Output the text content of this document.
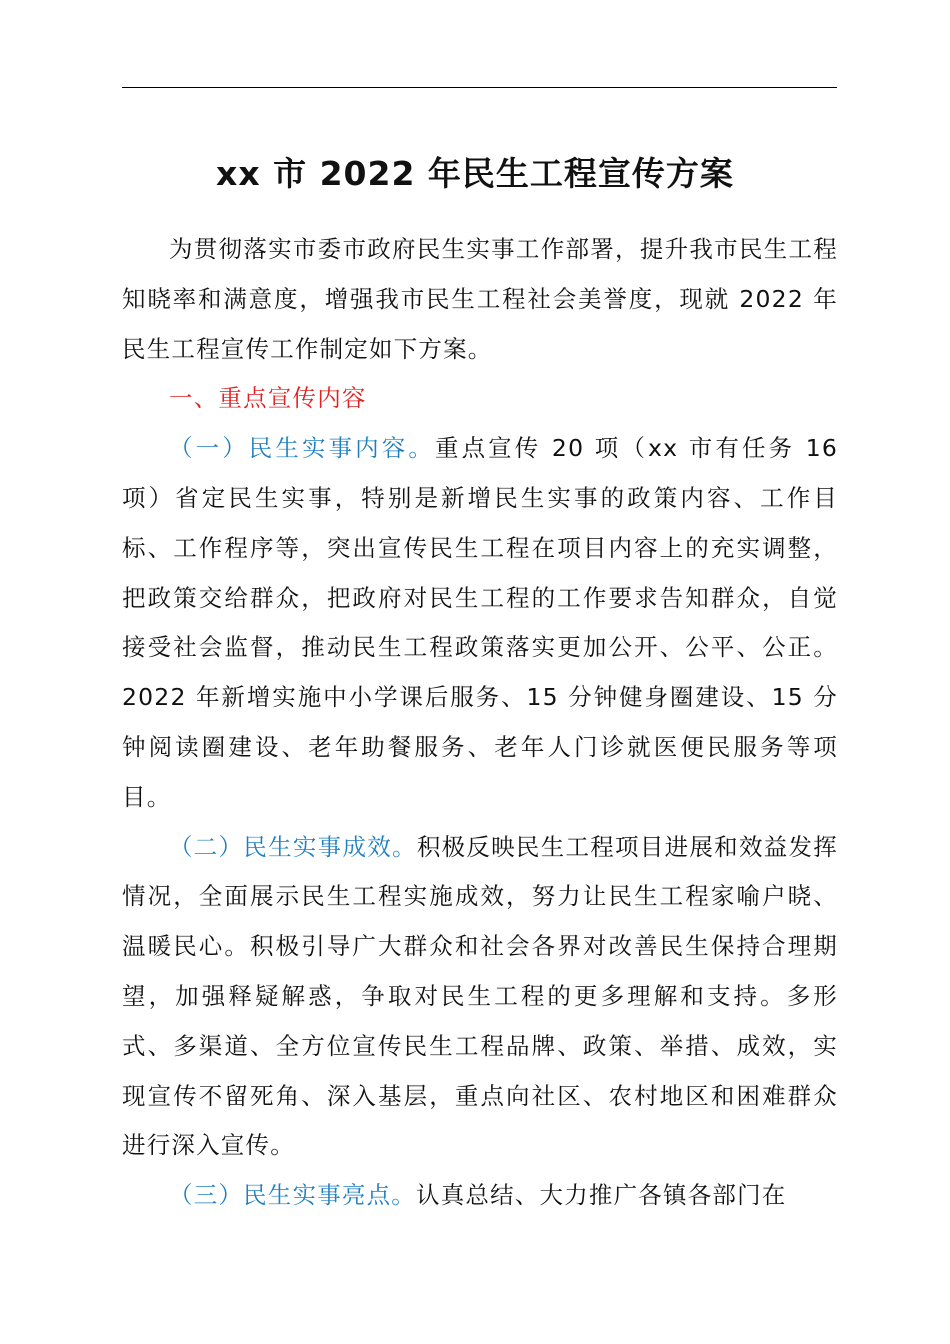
xx 市 2022 年民生工程宣传方案

为贯彻落实市委市政府民生实事工作部署，提升我市民生工程知晓率和满意度，增强我市民生工程社会美誉度，现就 2022 年民生工程宣传工作制定如下方案。

一、重点宣传内容

（一）民生实事内容。重点宣传 20 项（xx 市有任务 16 项）省定民生实事，特别是新增民生实事的政策内容、工作目标、工作程序等，突出宣传民生工程在项目内容上的充实调整，把政策交给群众，把政府对民生工程的工作要求告知群众，自觉接受社会监督，推动民生工程政策落实更加公开、公平、公正。2022 年新增实施中小学课后服务、15 分钟健身圈建设、15 分钟阅读圈建设、老年助餐服务、老年人门诊就医便民服务等项目。

（二）民生实事成效。积极反映民生工程项目进展和效益发挥情况，全面展示民生工程实施成效，努力让民生工程家喻户晓、温暖民心。积极引导广大群众和社会各界对改善民生保持合理期望，加强释疑解惑，争取对民生工程的更多理解和支持。多形式、多渠道、全方位宣传民生工程品牌、政策、举措、成效，实现宣传不留死角、深入基层，重点向社区、农村地区和困难群众进行深入宣传。

（三）民生实事亮点。认真总结、大力推广各镇各部门在
